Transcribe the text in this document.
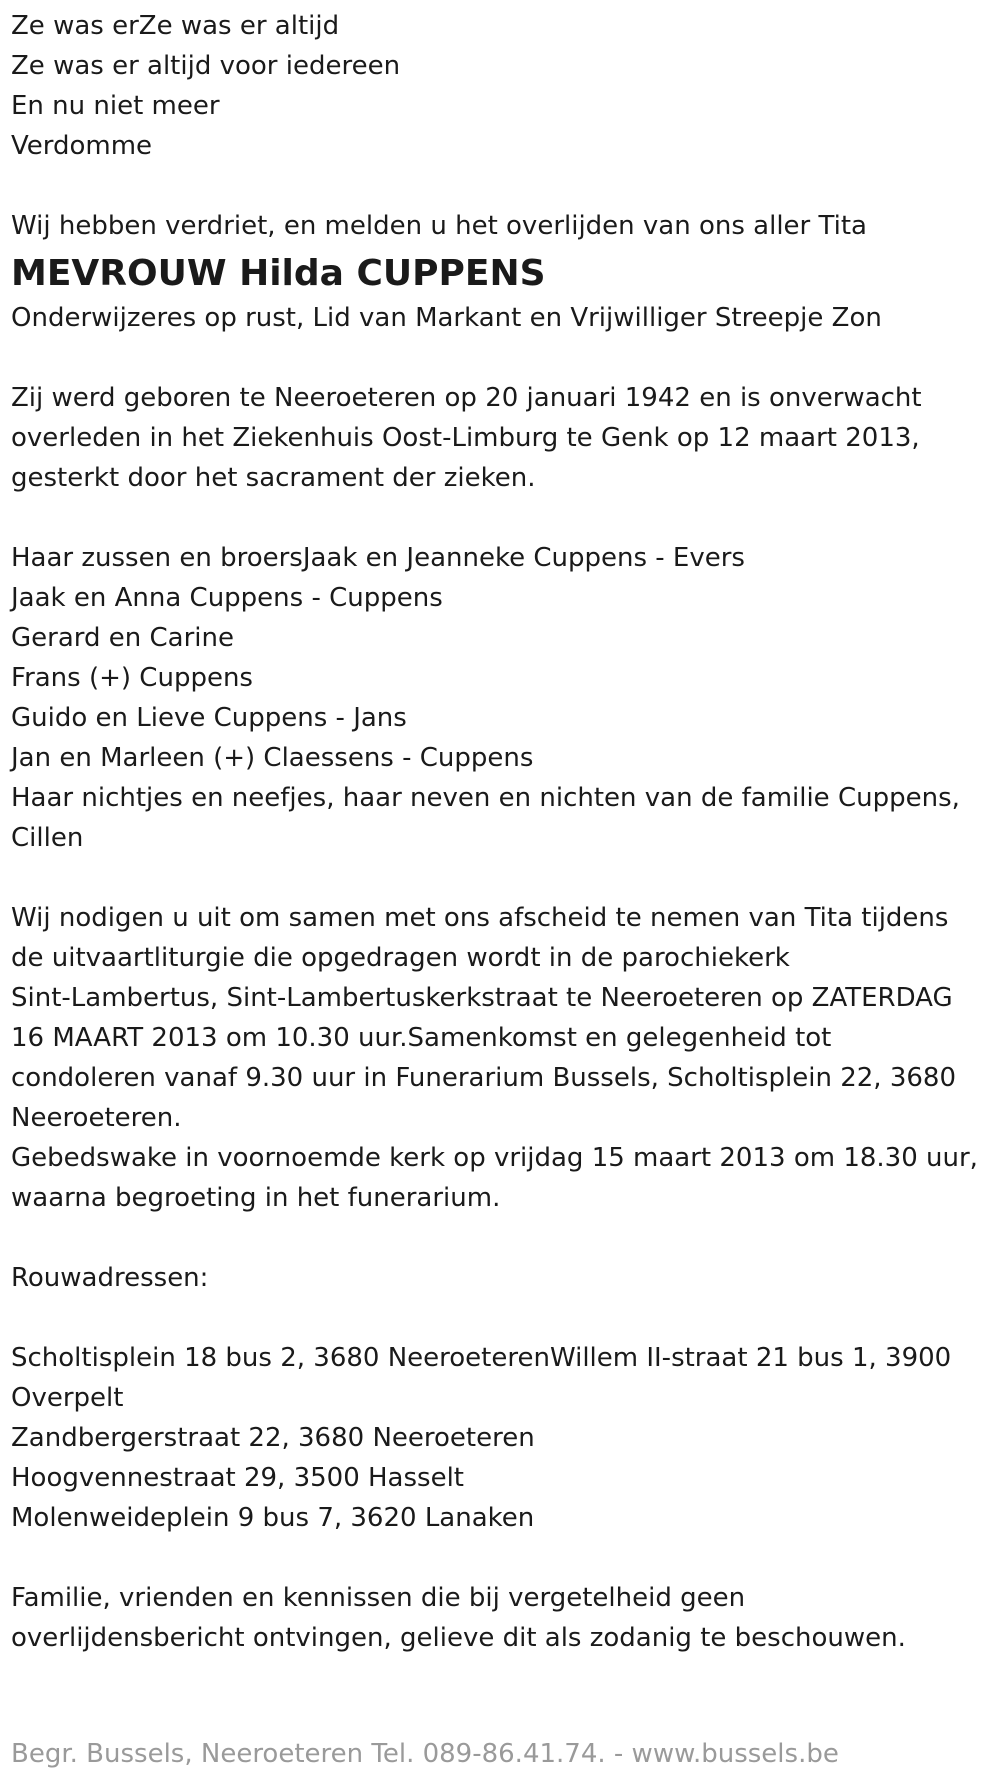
Ze was erZe was er altijd

Ze was er altijd voor iedereen

En nu niet meer

Verdomme

Wij hebben verdriet, en melden u het overlijden van ons aller Tita

MEVROUW Hilda CUPPENS

Onderwijzeres op rust, Lid van Markant en Vrijwilliger Streepje Zon

Zij werd geboren te Neeroeteren op 20 januari 1942 en is onverwacht

overleden in het Ziekenhuis Oost-Limburg te Genk op 12 maart 2013,

gesterkt door het sacrament der zieken.

Haar zussen en broersJaak en Jeanneke Cuppens - Evers

Jaak en Anna Cuppens - Cuppens

Gerard en Carine

Frans (+) Cuppens

Guido en Lieve Cuppens - Jans

Jan en Marleen (+) Claessens - Cuppens

Haar nichtjes en neefjes, haar neven en nichten van de familie Cuppens,

Cillen

Wij nodigen u uit om samen met ons afscheid te nemen van Tita tijdens

de uitvaartliturgie die opgedragen wordt in de parochiekerk

Sint-Lambertus, Sint-Lambertuskerkstraat te Neeroeteren op ZATERDAG

16 MAART 2013 om 10.30 uur.Samenkomst en gelegenheid tot

condoleren vanaf 9.30 uur in Funerarium Bussels, Scholtisplein 22, 3680

Neeroeteren.

Gebedswake in voornoemde kerk op vrijdag 15 maart 2013 om 18.30 uur,

waarna begroeting in het funerarium.

Rouwadressen:

Scholtisplein 18 bus 2, 3680 NeeroeterenWillem II-straat 21 bus 1, 3900

Overpelt

Zandbergerstraat 22, 3680 Neeroeteren

Hoogvennestraat 29, 3500 Hasselt

Molenweideplein 9 bus 7, 3620 Lanaken

Familie, vrienden en kennissen die bij vergetelheid geen

overlijdensbericht ontvingen, gelieve dit als zodanig te beschouwen.

Begr. Bussels, Neeroeteren Tel. 089-86.41.74. - www.bussels.be
